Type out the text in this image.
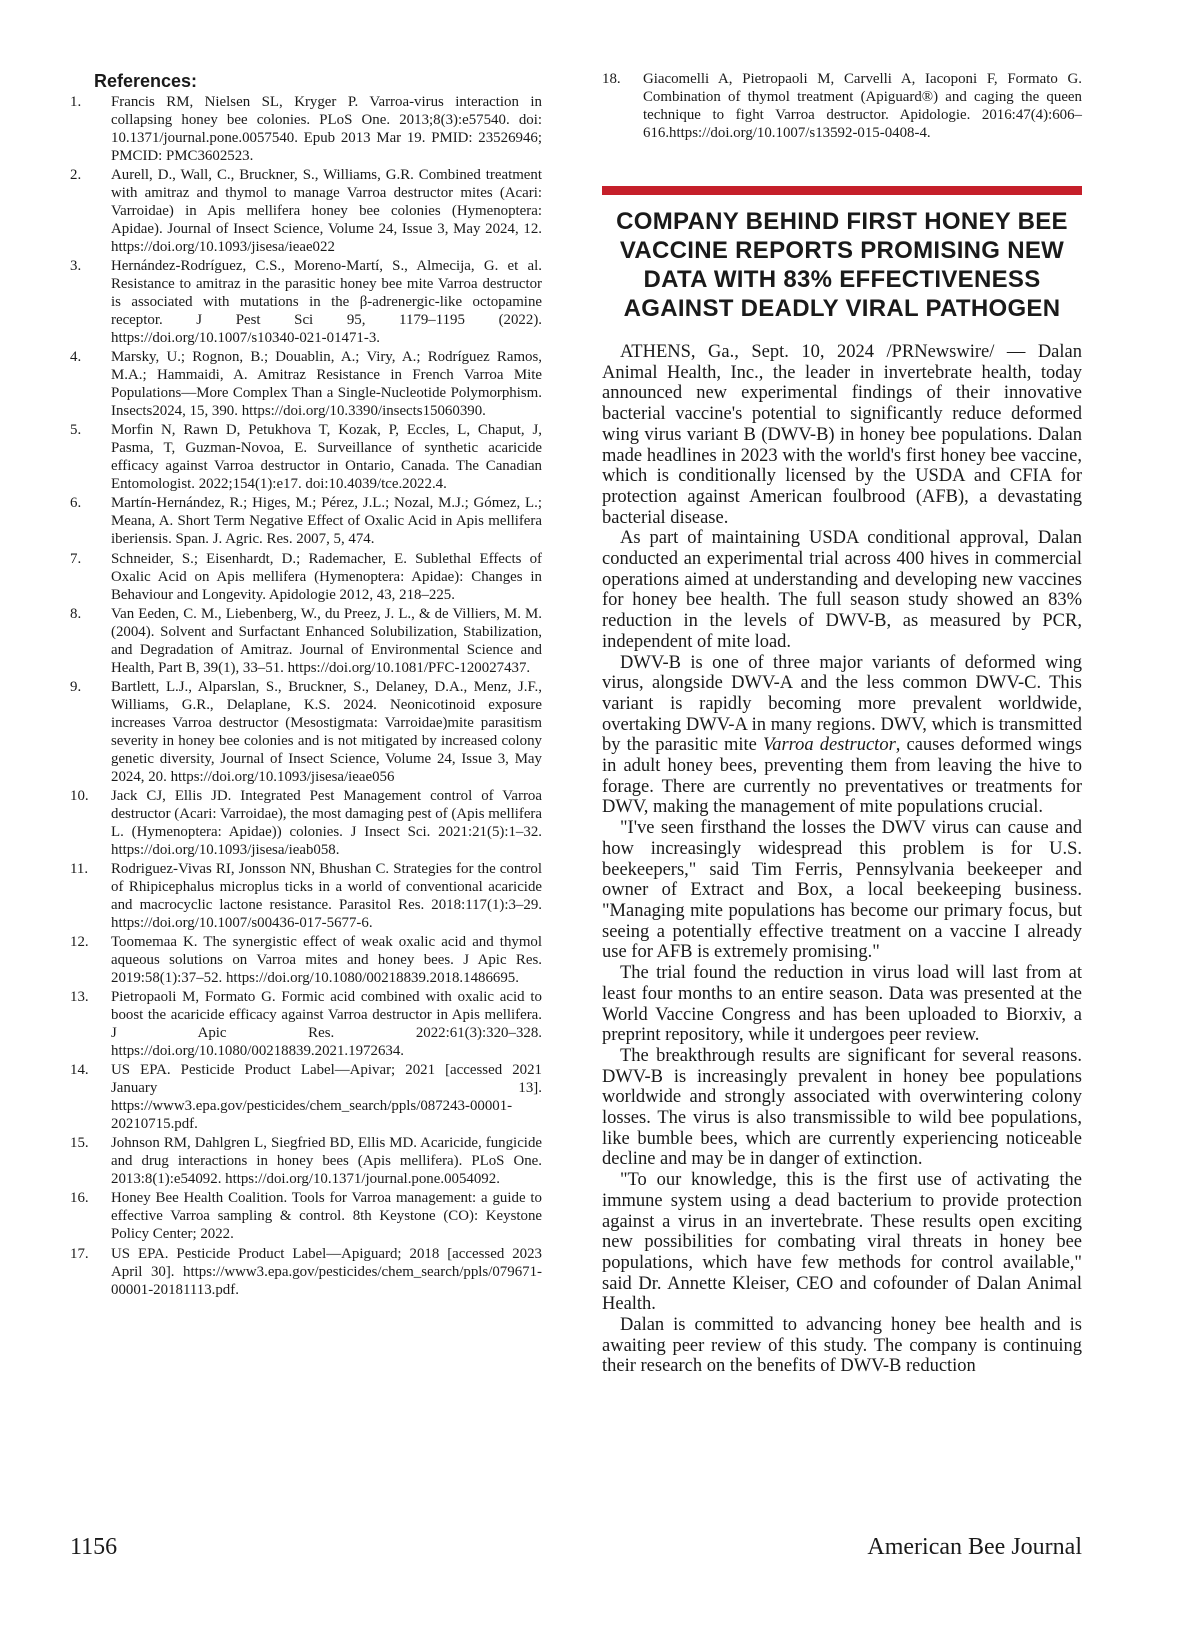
References:
1.	Francis RM, Nielsen SL, Kryger P. Varroa-virus interaction in collapsing honey bee colonies. PLoS One. 2013;8(3):e57540. doi: 10.1371/journal.pone.0057540. Epub 2013 Mar 19. PMID: 23526946; PMCID: PMC3602523.
2.	Aurell, D., Wall, C., Bruckner, S., Williams, G.R. Combined treatment with amitraz and thymol to manage Varroa destructor mites (Acari: Varroidae) in Apis mellifera honey bee colonies (Hymenoptera: Apidae). Journal of Insect Science, Volume 24, Issue 3, May 2024, 12. https://doi.org/10.1093/jisesa/ieae022
3.	Hernández-Rodríguez, C.S., Moreno-Martí, S., Almecija, G. et al. Resistance to amitraz in the parasitic honey bee mite Varroa destructor is associated with mutations in the β-adrenergic-like octopamine receptor. J Pest Sci 95, 1179–1195 (2022). https://doi.org/10.1007/s10340-021-01471-3.
4.	Marsky, U.; Rognon, B.; Douablin, A.; Viry, A.; Rodríguez Ramos, M.A.; Hammaidi, A. Amitraz Resistance in French Varroa Mite Populations—More Complex Than a Single-Nucleotide Polymorphism. Insects2024, 15, 390. https://doi.org/10.3390/insects15060390.
5.	Morfin N, Rawn D, Petukhova T, Kozak, P, Eccles, L, Chaput, J, Pasma, T, Guzman-Novoa, E. Surveillance of synthetic acaricide efficacy against Varroa destructor in Ontario, Canada. The Canadian Entomologist. 2022;154(1):e17. doi:10.4039/tce.2022.4.
6.	Martín-Hernández, R.; Higes, M.; Pérez, J.L.; Nozal, M.J.; Gómez, L.; Meana, A. Short Term Negative Effect of Oxalic Acid in Apis mellifera iberiensis. Span. J. Agric. Res. 2007, 5, 474.
7.	Schneider, S.; Eisenhardt, D.; Rademacher, E. Sublethal Effects of Oxalic Acid on Apis mellifera (Hymenoptera: Apidae): Changes in Behaviour and Longevity. Apidologie 2012, 43, 218–225.
8.	Van Eeden, C. M., Liebenberg, W., du Preez, J. L., & de Villiers, M. M. (2004). Solvent and Surfactant Enhanced Solubilization, Stabilization, and Degradation of Amitraz. Journal of Environmental Science and Health, Part B, 39(1), 33–51. https://doi.org/10.1081/PFC-120027437.
9.	Bartlett, L.J., Alparslan, S., Bruckner, S., Delaney, D.A., Menz, J.F., Williams, G.R., Delaplane, K.S. 2024. Neonicotinoid exposure increases Varroa destructor (Mesostigmata: Varroidae)mite parasitism severity in honey bee colonies and is not mitigated by increased colony genetic diversity, Journal of Insect Science, Volume 24, Issue 3, May 2024, 20. https://doi.org/10.1093/jisesa/ieae056
10.	Jack CJ, Ellis JD. Integrated Pest Management control of Varroa destructor (Acari: Varroidae), the most damaging pest of (Apis mellifera L. (Hymenoptera: Apidae)) colonies. J Insect Sci. 2021:21(5):1–32. https://doi.org/10.1093/jisesa/ieab058.
11.	Rodriguez-Vivas RI, Jonsson NN, Bhushan C. Strategies for the control of Rhipicephalus microplus ticks in a world of conventional acaricide and macrocyclic lactone resistance. Parasitol Res. 2018:117(1):3–29. https://doi.org/10.1007/s00436-017-5677-6.
12.	Toomemaa K. The synergistic effect of weak oxalic acid and thymol aqueous solutions on Varroa mites and honey bees. J Apic Res. 2019:58(1):37–52. https://doi.org/10.1080/00218839.2018.1486695.
13.	Pietropaoli M, Formato G. Formic acid combined with oxalic acid to boost the acaricide efficacy against Varroa destructor in Apis mellifera. J Apic Res. 2022:61(3):320–328. https://doi.org/10.1080/00218839.2021.1972634.
14.	US EPA. Pesticide Product Label—Apivar; 2021 [accessed 2021 January 13]. https://www3.epa.gov/pesticides/chem_search/ppls/087243-00001-20210715.pdf.
15.	Johnson RM, Dahlgren L, Siegfried BD, Ellis MD. Acaricide, fungicide and drug interactions in honey bees (Apis mellifera). PLoS One. 2013:8(1):e54092. https://doi.org/10.1371/journal.pone.0054092.
16.	Honey Bee Health Coalition. Tools for Varroa management: a guide to effective Varroa sampling & control. 8th Keystone (CO): Keystone Policy Center; 2022.
17.	US EPA. Pesticide Product Label—Apiguard; 2018 [accessed 2023 April 30]. https://www3.epa.gov/pesticides/chem_search/ppls/079671-00001-20181113.pdf.
18.	Giacomelli A, Pietropaoli M, Carvelli A, Iacoponi F, Formato G. Combination of thymol treatment (Apiguard®) and caging the queen technique to fight Varroa destructor. Apidologie. 2016:47(4):606–616.https://doi.org/10.1007/s13592-015-0408-4.
COMPANY BEHIND FIRST HONEY BEE VACCINE REPORTS PROMISING NEW DATA WITH 83% EFFECTIVENESS AGAINST DEADLY VIRAL PATHOGEN

ATHENS, Ga., Sept. 10, 2024 /PRNewswire/ — Dalan Animal Health, Inc., the leader in invertebrate health, today announced new experimental findings of their innovative bacterial vaccine's potential to significantly reduce deformed wing virus variant B (DWV-B) in honey bee populations. Dalan made headlines in 2023 with the world's first honey bee vaccine, which is conditionally licensed by the USDA and CFIA for protection against American foulbrood (AFB), a devastating bacterial disease.

As part of maintaining USDA conditional approval, Dalan conducted an experimental trial across 400 hives in commercial operations aimed at understanding and developing new vaccines for honey bee health. The full season study showed an 83% reduction in the levels of DWV-B, as measured by PCR, independent of mite load.

DWV-B is one of three major variants of deformed wing virus, alongside DWV-A and the less common DWV-C. This variant is rapidly becoming more prevalent worldwide, overtaking DWV-A in many regions. DWV, which is transmitted by the parasitic mite Varroa destructor, causes deformed wings in adult honey bees, preventing them from leaving the hive to forage. There are currently no preventatives or treatments for DWV, making the management of mite populations crucial.

"I've seen firsthand the losses the DWV virus can cause and how increasingly widespread this problem is for U.S. beekeepers," said Tim Ferris, Pennsylvania beekeeper and owner of Extract and Box, a local beekeeping business. "Managing mite populations has become our primary focus, but seeing a potentially effective treatment on a vaccine I already use for AFB is extremely promising."

The trial found the reduction in virus load will last from at least four months to an entire season. Data was presented at the World Vaccine Congress and has been uploaded to Biorxiv, a preprint repository, while it undergoes peer review.

The breakthrough results are significant for several reasons. DWV-B is increasingly prevalent in honey bee populations worldwide and strongly associated with overwintering colony losses. The virus is also transmissible to wild bee populations, like bumble bees, which are currently experiencing noticeable decline and may be in danger of extinction.

"To our knowledge, this is the first use of activating the immune system using a dead bacterium to provide protection against a virus in an invertebrate. These results open exciting new possibilities for combating viral threats in honey bee populations, which have few methods for control available," said Dr. Annette Kleiser, CEO and cofounder of Dalan Animal Health.

Dalan is committed to advancing honey bee health and is awaiting peer review of this study. The company is continuing their research on the benefits of DWV-B reduction

1156	American Bee Journal
